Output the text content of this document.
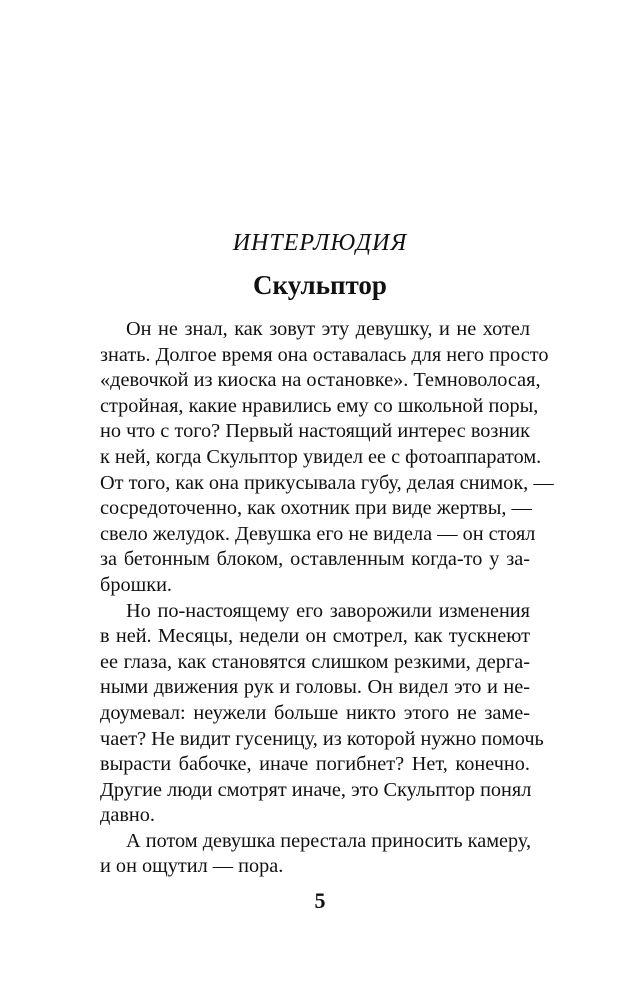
ИНТЕРЛЮДИЯ
Скульптор
Он не знал, как зовут эту девушку, и не хотел
знать. Долгое время она оставалась для него просто
«девочкой из киоска на остановке». Темноволосая,
стройная, какие нравились ему со школьной поры,
но что с того? Первый настоящий интерес возник
к ней, когда Скульптор увидел ее с фотоаппаратом.
От того, как она прикусывала губу, делая снимок, —
сосредоточенно, как охотник при виде жертвы, —
свело желудок. Девушка его не видела — он стоял
за бетонным блоком, оставленным когда-то у за-
брошки.
Но по-настоящему его заворожили изменения
в ней. Месяцы, недели он смотрел, как тускнеют
ее глаза, как становятся слишком резкими, дерга-
ными движения рук и головы. Он видел это и не-
доумевал: неужели больше никто этого не заме-
чает? Не видит гусеницу, из которой нужно помочь
вырасти бабочке, иначе погибнет? Нет, конечно.
Другие люди смотрят иначе, это Скульптор понял
давно.
А потом девушка перестала приносить камеру,
и он ощутил — пора.
5
